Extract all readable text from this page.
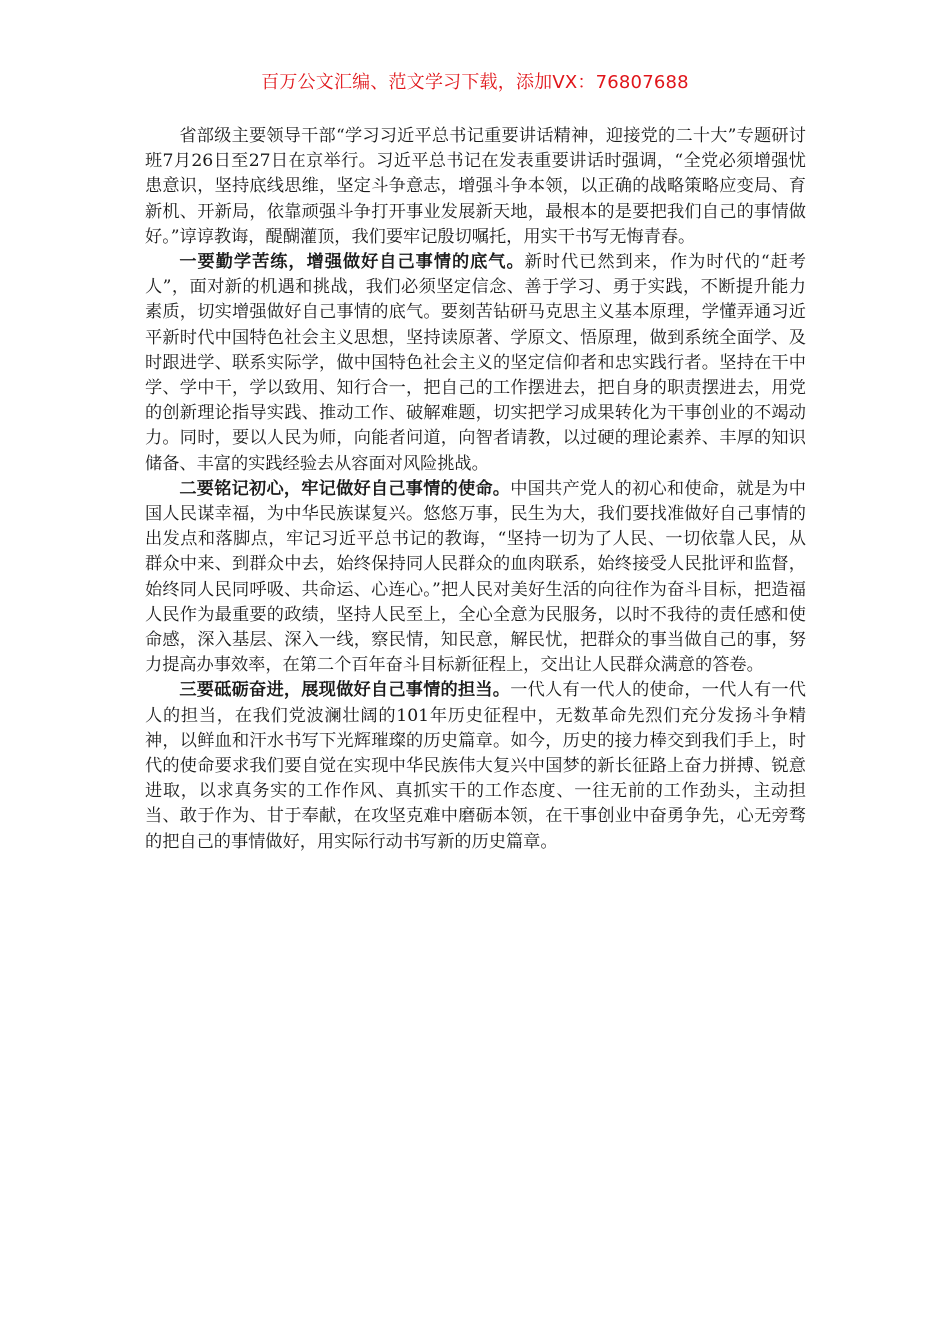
百万公文汇编、范文学习下载，添加VX：76807688

省部级主要领导干部“学习习近平总书记重要讲话精神，迎接党的二十大”专题研讨班7月26日至27日在京举行。习近平总书记在发表重要讲话时强调，“全党必须增强忧患意识，坚持底线思维，坚定斗争意志，增强斗争本领，以正确的战略策略应变局、育新机、开新局，依靠顽强斗争打开事业发展新天地，最根本的是要把我们自己的事情做好。”谆谆教诲，醍醐灌顶，我们要牢记殷切嘱托，用实干书写无悔青春。

一要勤学苦练，增强做好自己事情的底气。新时代已然到来，作为时代的“赶考人”，面对新的机遇和挑战，我们必须坚定信念、善于学习、勇于实践，不断提升能力素质，切实增强做好自己事情的底气。要刻苦钻研马克思主义基本原理，学懂弄通习近平新时代中国特色社会主义思想，坚持读原著、学原文、悟原理，做到系统全面学、及时跟进学、联系实际学，做中国特色社会主义的坚定信仰者和忠实践行者。坚持在干中学、学中干，学以致用、知行合一，把自己的工作摆进去，把自身的职责摆进去，用党的创新理论指导实践、推动工作、破解难题，切实把学习成果转化为干事创业的不竭动力。同时，要以人民为师，向能者问道，向智者请教，以过硬的理论素养、丰厚的知识储备、丰富的实践经验去从容面对风险挑战。

二要铭记初心，牢记做好自己事情的使命。中国共产党人的初心和使命，就是为中国人民谋幸福，为中华民族谋复兴。悠悠万事，民生为大，我们要找准做好自己事情的出发点和落脚点，牢记习近平总书记的教诲，“坚持一切为了人民、一切依靠人民，从群众中来、到群众中去，始终保持同人民群众的血肉联系，始终接受人民批评和监督，始终同人民同呼吸、共命运、心连心。”把人民对美好生活的向往作为奋斗目标，把造福人民作为最重要的政绩，坚持人民至上，全心全意为民服务，以时不我待的责任感和使命感，深入基层、深入一线，察民情，知民意，解民忧，把群众的事当做自己的事，努力提高办事效率，在第二个百年奋斗目标新征程上，交出让人民群众满意的答卷。

三要砥砺奋进，展现做好自己事情的担当。一代人有一代人的使命，一代人有一代人的担当，在我们党波澜壮阔的101年历史征程中，无数革命先烈们充分发扬斗争精神，以鲜血和汗水书写下光辉璀璨的历史篇章。如今，历史的接力棒交到我们手上，时代的使命要求我们要自觉在实现中华民族伟大复兴中国梦的新长征路上奋力拼搏、锐意进取，以求真务实的工作作风、真抓实干的工作态度、一往无前的工作劲头，主动担当、敢于作为、甘于奉献，在攻坚克难中磨砺本领，在干事创业中奋勇争先，心无旁骛的把自己的事情做好，用实际行动书写新的历史篇章。
